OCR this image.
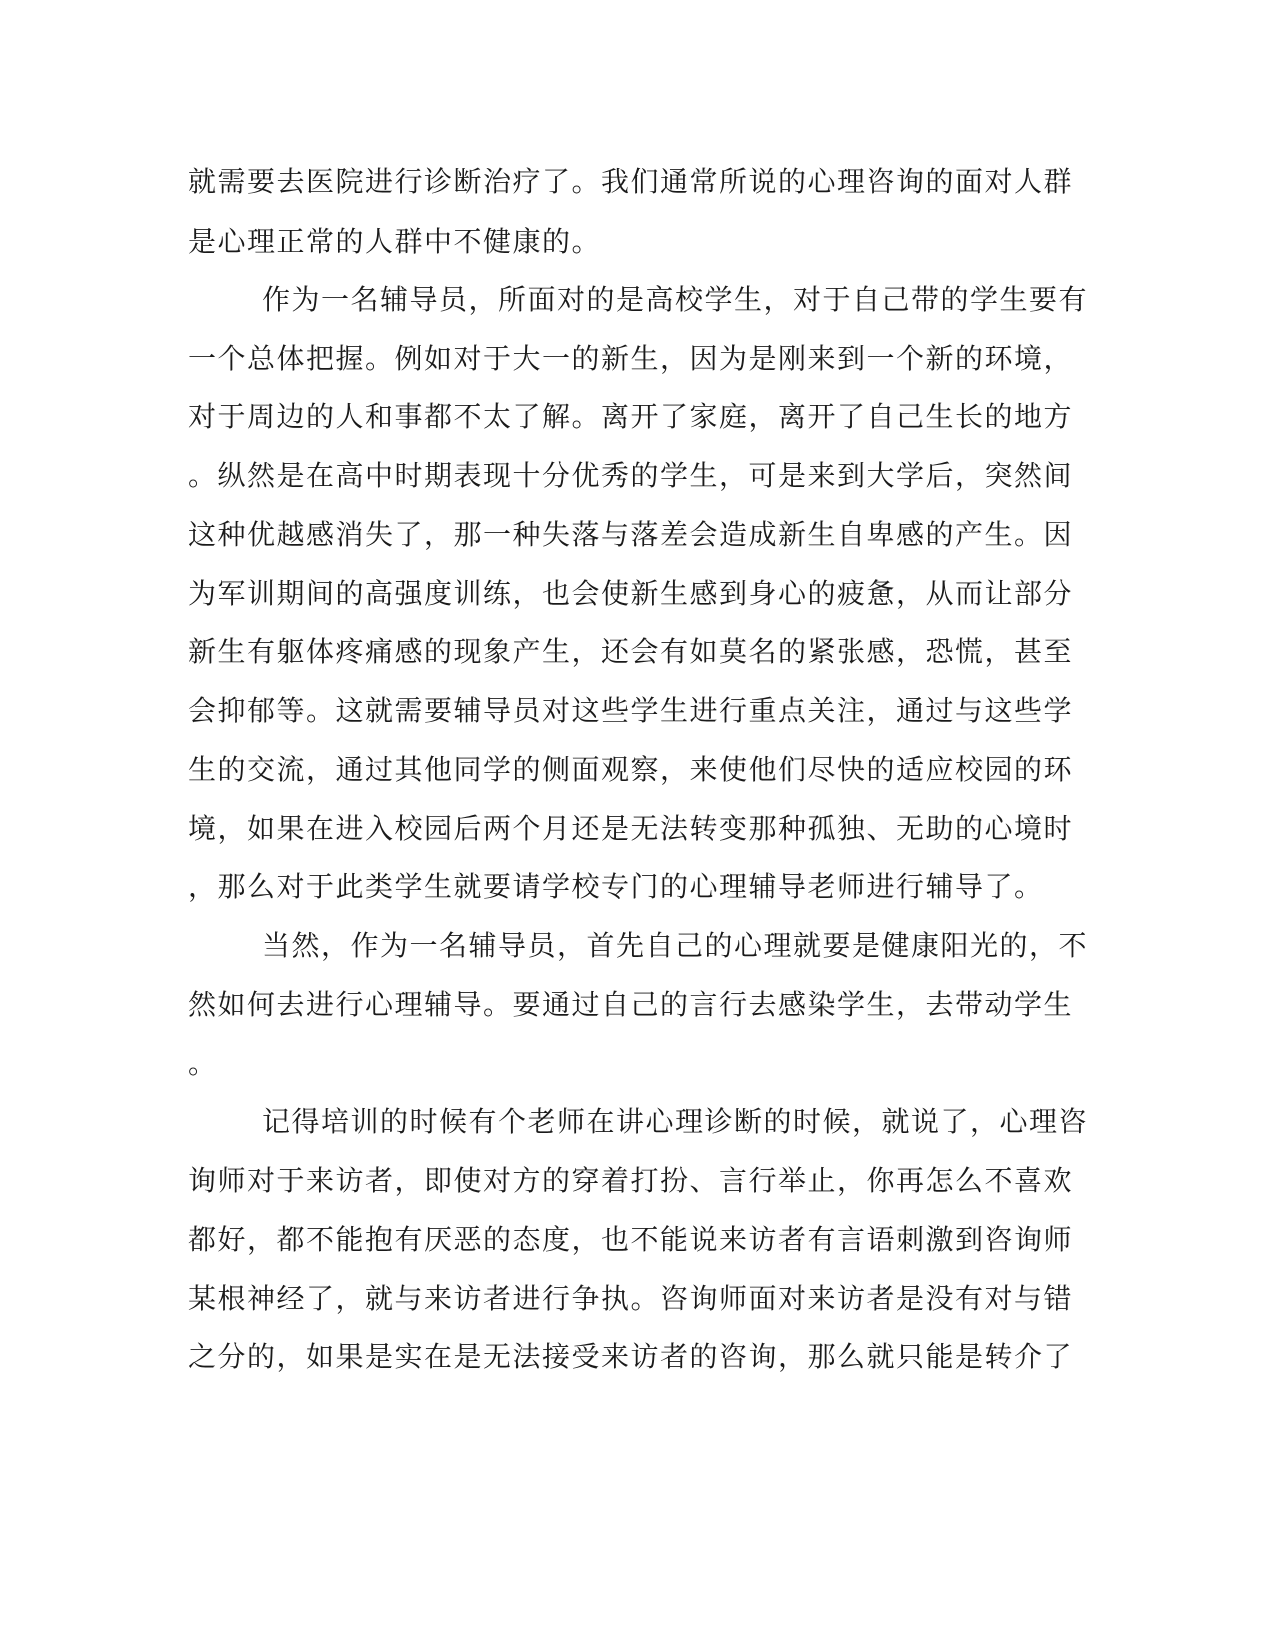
就需要去医院进行诊断治疗了。我们通常所说的心理咨询的面对人群
是心理正常的人群中不健康的。
作为一名辅导员，所面对的是高校学生，对于自己带的学生要有
一个总体把握。例如对于大一的新生，因为是刚来到一个新的环境，
对于周边的人和事都不太了解。离开了家庭，离开了自己生长的地方
。纵然是在高中时期表现十分优秀的学生，可是来到大学后，突然间
这种优越感消失了，那一种失落与落差会造成新生自卑感的产生。因
为军训期间的高强度训练，也会使新生感到身心的疲惫，从而让部分
新生有躯体疼痛感的现象产生，还会有如莫名的紧张感，恐慌，甚至
会抑郁等。这就需要辅导员对这些学生进行重点关注，通过与这些学
生的交流，通过其他同学的侧面观察，来使他们尽快的适应校园的环
境，如果在进入校园后两个月还是无法转变那种孤独、无助的心境时
，那么对于此类学生就要请学校专门的心理辅导老师进行辅导了。
当然，作为一名辅导员，首先自己的心理就要是健康阳光的，不
然如何去进行心理辅导。要通过自己的言行去感染学生，去带动学生
。
记得培训的时候有个老师在讲心理诊断的时候，就说了，心理咨
询师对于来访者，即使对方的穿着打扮、言行举止，你再怎么不喜欢
都好，都不能抱有厌恶的态度，也不能说来访者有言语刺激到咨询师
某根神经了，就与来访者进行争执。咨询师面对来访者是没有对与错
之分的，如果是实在是无法接受来访者的咨询，那么就只能是转介了
